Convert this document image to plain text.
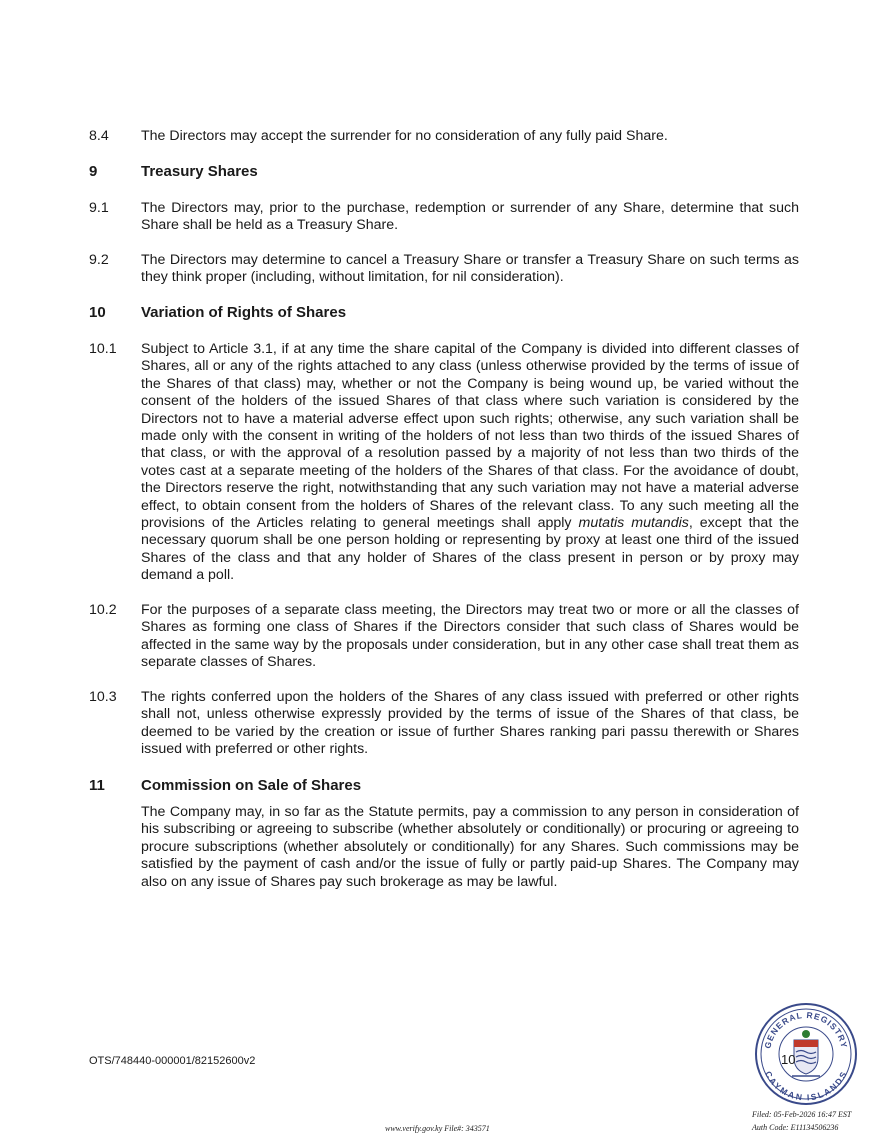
8.4 The Directors may accept the surrender for no consideration of any fully paid Share.
9	Treasury Shares
9.1 The Directors may, prior to the purchase, redemption or surrender of any Share, determine that such Share shall be held as a Treasury Share.
9.2 The Directors may determine to cancel a Treasury Share or transfer a Treasury Share on such terms as they think proper (including, without limitation, for nil consideration).
10 Variation of Rights of Shares
10.1 Subject to Article 3.1, if at any time the share capital of the Company is divided into different classes of Shares, all or any of the rights attached to any class (unless otherwise provided by the terms of issue of the Shares of that class) may, whether or not the Company is being wound up, be varied without the consent of the holders of the issued Shares of that class where such variation is considered by the Directors not to have a material adverse effect upon such rights; otherwise, any such variation shall be made only with the consent in writing of the holders of not less than two thirds of the issued Shares of that class, or with the approval of a resolution passed by a majority of not less than two thirds of the votes cast at a separate meeting of the holders of the Shares of that class. For the avoidance of doubt, the Directors reserve the right, notwithstanding that any such variation may not have a material adverse effect, to obtain consent from the holders of Shares of the relevant class. To any such meeting all the provisions of the Articles relating to general meetings shall apply mutatis mutandis, except that the necessary quorum shall be one person holding or representing by proxy at least one third of the issued Shares of the class and that any holder of Shares of the class present in person or by proxy may demand a poll.
10.2 For the purposes of a separate class meeting, the Directors may treat two or more or all the classes of Shares as forming one class of Shares if the Directors consider that such class of Shares would be affected in the same way by the proposals under consideration, but in any other case shall treat them as separate classes of Shares.
10.3 The rights conferred upon the holders of the Shares of any class issued with preferred or other rights shall not, unless otherwise expressly provided by the terms of issue of the Shares of that class, be deemed to be varied by the creation or issue of further Shares ranking pari passu therewith or Shares issued with preferred or other rights.
11 Commission on Sale of Shares
The Company may, in so far as the Statute permits, pay a commission to any person in consideration of his subscribing or agreeing to subscribe (whether absolutely or conditionally) or procuring or agreeing to procure subscriptions (whether absolutely or conditionally) for any Shares. Such commissions may be satisfied by the payment of cash and/or the issue of fully or partly paid-up Shares. The Company may also on any issue of Shares pay such brokerage as may be lawful.
OTS/748440-000001/82152600v2
GENERAL REGISTRY
CAYMAN ISLANDS
10
www.verify.gov.ky File#: 343571
Filed: 05-Feb-2026 16:47 EST
Auth Code: E11134506236
